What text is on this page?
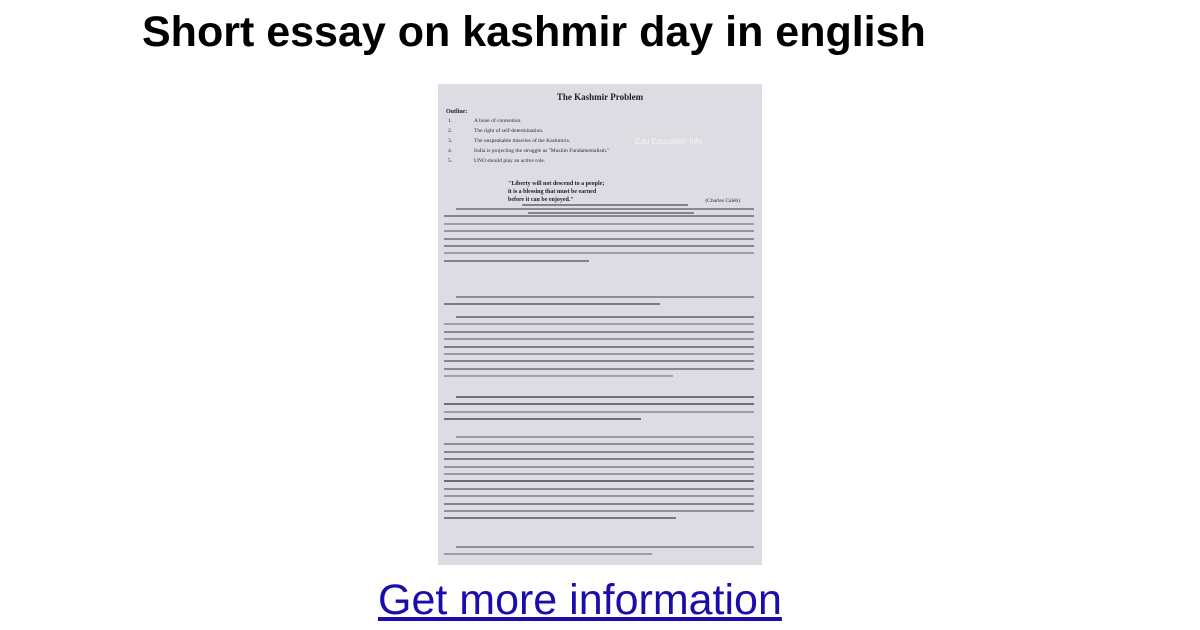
Short essay on kashmir day in english
The Kashmir Problem
Outline:
1.	A bone of contention.
2.	The right of self-determination.
3.	The unspeakable miseries of the Kashmiris.
4.	India is projecting the struggle as "Muslim Fundamentalism."
5.	UNO should play an active role.
Edu Education Info
"Liberty will not descend to a people;
it is a blessing that must be earned
before it can be enjoyed."	(Charles Caleb)
Get more information
